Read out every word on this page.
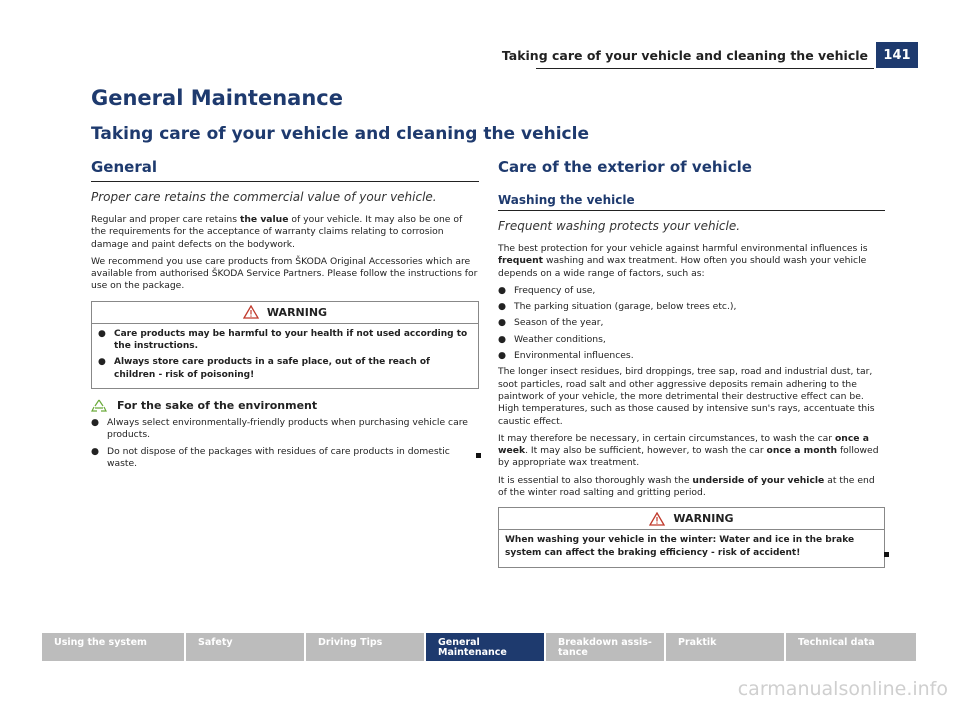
Taking care of your vehicle and cleaning the vehicle	141
General Maintenance
Taking care of your vehicle and cleaning the vehicle
General
Proper care retains the commercial value of your vehicle.

Regular and proper care retains the value of your vehicle. It may also be one of the requirements for the acceptance of warranty claims relating to corrosion damage and paint defects on the bodywork.

We recommend you use care products from ŠKODA Original Accessories which are available from authorised ŠKODA Service Partners. Please follow the instructions for use on the package.

WARNING
● Care products may be harmful to your health if not used according to the instructions.
● Always store care products in a safe place, out of the reach of children - risk of poisoning!
For the sake of the environment
● Always select environmentally-friendly products when purchasing vehicle care products.
● Do not dispose of the packages with residues of care products in domestic waste.
Care of the exterior of vehicle
Washing the vehicle
Frequent washing protects your vehicle.

The best protection for your vehicle against harmful environmental influences is frequent washing and wax treatment. How often you should wash your vehicle depends on a wide range of factors, such as:

● Frequency of use,
● The parking situation (garage, below trees etc.),
● Season of the year,
● Weather conditions,
● Environmental influences.

The longer insect residues, bird droppings, tree sap, road and industrial dust, tar, soot particles, road salt and other aggressive deposits remain adhering to the paintwork of your vehicle, the more detrimental their destructive effect can be. High temperatures, such as those caused by intensive sun's rays, accentuate this caustic effect.

It may therefore be necessary, in certain circumstances, to wash the car once a week. It may also be sufficient, however, to wash the car once a month followed by appropriate wax treatment.

It is essential to also thoroughly wash the underside of your vehicle at the end of the winter road salting and gritting period.

WARNING

When washing your vehicle in the winter: Water and ice in the brake system can affect the braking efficiency - risk of accident!

Using the system	Safety	Driving Tips	General Maintenance
Breakdown assis-tance
Praktik	Technical data
carmanualsonline.info
